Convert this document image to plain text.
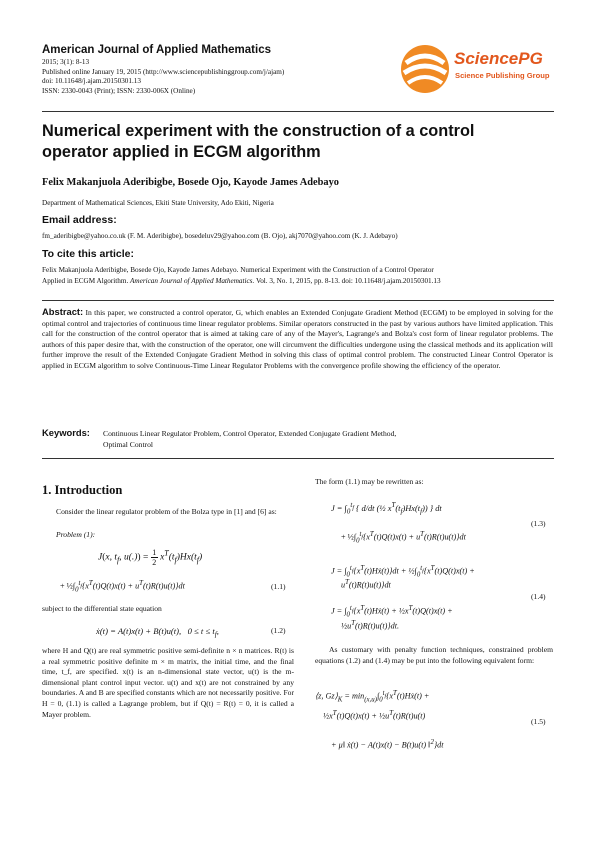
American Journal of Applied Mathematics
2015; 3(1): 8-13
Published online January 19, 2015 (http://www.sciencepublishinggroup.com/j/ajam)
doi: 10.11648/j.ajam.20150301.13
ISSN: 2330-0043 (Print); ISSN: 2330-006X (Online)
SciencePG
Science Publishing Group
Numerical experiment with the construction of a control operator applied in ECGM algorithm
Felix Makanjuola Aderibigbe, Bosede Ojo, Kayode James Adebayo
Department of Mathematical Sciences, Ekiti State University, Ado Ekiti, Nigeria
Email address:
fm_aderibigbe@yahoo.co.uk (F. M. Aderibigbe), bosedeluv29@yahoo.com (B. Ojo), akj7070@yahoo.com (K. J. Adebayo)
To cite this article:
Felix Makanjuola Aderibigbe, Bosede Ojo, Kayode James Adebayo. Numerical Experiment with the Construction of a Control Operator
Applied in ECGM Algorithm. American Journal of Applied Mathematics. Vol. 3, No. 1, 2015, pp. 8-13. doi: 10.11648/j.ajam.20150301.13
Abstract: In this paper, we constructed a control operator, G, which enables an Extended Conjugate Gradient Method (ECGM) to be employed in solving for the optimal control and trajectories of continuous time linear regulator problems. Similar operators constructed in the past by various authors have limited application. This call for the construction of the control operator that is aimed at taking care of any of the Mayer's, Lagrange's and Bolza's cost form of linear regulator problems. The authors of this paper desire that, with the construction of the operator, one will circumvent the difficulties undergone using the classical methods and its application will further improve the result of the Extended Conjugate Gradient Method in solving this class of optimal control problem. The constructed Linear Control Operator is applied in ECGM algorithm to solve Continuous-Time Linear Regulator Problems with the convergence profile showing the efficiency of the operator.
Keywords: Continuous Linear Regulator Problem, Control Operator, Extended Conjugate Gradient Method,
Optimal Control
1. Introduction
Consider the linear regulator problem of the Bolza type in [1] and [6] as:
Problem (1):
J(x, $t_f$, u(.)) = 1
2 $x^T(t_f)Hx(t_f)$
+ $\frac{1}{2}\int_0^{t_f}\{x^T(t)Q(t)x(t) + u^T(t)R(t)u(t)\}dt$	(1.1)
subject to the differential state equation
ẋ(t) = A(t)x(t) + B(t)u(t),   $0 \le t \le t_f$,	(1.2)
where H and Q(t) are real symmetric positive semi-definite n × n matrices. R(t) is a real symmetric positive definite m × m matrix, the initial time, and the final time, t_f, are specified. x(t) is an n-dimensional state vector, u(t) is the m-dimensional plant control input vector. u(t) and x(t) are not constrained by any boundaries. A and B are specified constants which are not necessarily positive. For H = 0, (1.1) is called a Lagrange problem, but if Q(t) = R(t) = 0, it is called a Mayer problem.
The form (1.1) may be rewritten as:
$J = \int_0^{t_f}$ { d/dt (½ $x^T(t_f)Hx(t_f)$) } dt
(1.3)
+ $\frac{1}{2}\int_0^{t_f}\{x^T(t)Q(t)x(t) + u^T(t)R(t)u(t)\}dt$
$J = \int_0^{t_f}\{x^T(t)Hẋ(t)\}dt$ + $\frac{1}{2}\int_0^{t_f}\{x^T(t)Q(t)x(t)$ +
$u^T(t)R(t)u(t)\}dt$
(1.4)
$J = \int_0^{t_f}\{x^T(t)Hẋ(t)$ + $\frac{1}{2}x^T(t)Q(t)x(t)$ +
$\frac{1}{2}u^T(t)R(t)u(t)\}dt$.
As customary with penalty function techniques, constrained problem equations (1.2) and (1.4) may be put into the following equivalent form:
⟨z, $Gz⟩_K$ = $\min_{(x,u)}\int_0^{t_f}\{x^T(t)Hẋ(t)$ +
$\frac{1}{2}x^T(t)Q(t)x(t)$ + $\frac{1}{2}u^T(t)R(t)u(t)$
(1.5)
+ μ‖ ẋ(t) − A(t)x(t) − B(t)u(t) ‖$^2$}dt
